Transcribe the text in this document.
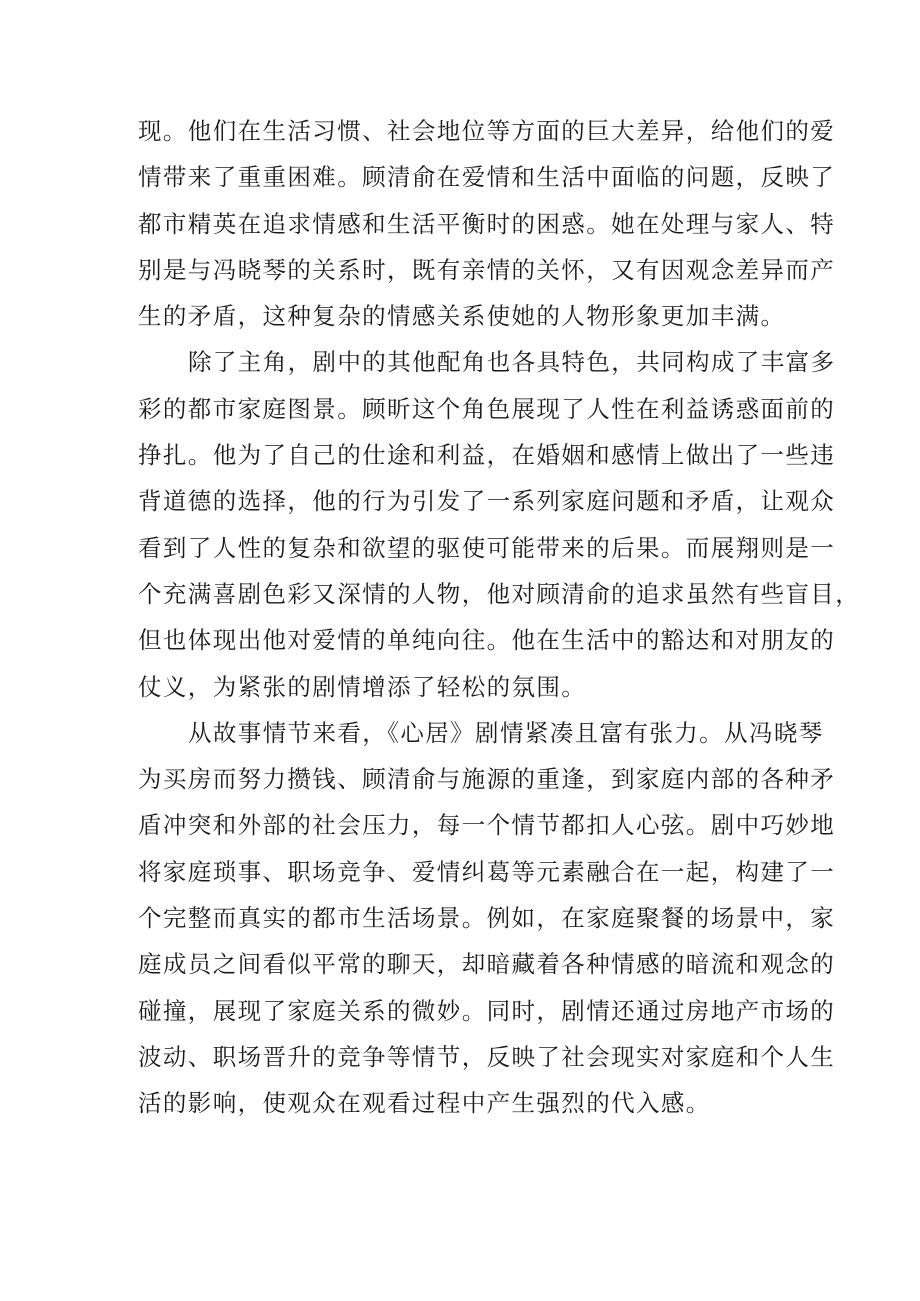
现。他们在生活习惯、社会地位等方面的巨大差异，给他们的爱
情带来了重重困难。顾清俞在爱情和生活中面临的问题，反映了
都市精英在追求情感和生活平衡时的困惑。她在处理与家人、特
别是与冯晓琴的关系时，既有亲情的关怀，又有因观念差异而产
生的矛盾，这种复杂的情感关系使她的人物形象更加丰满。
除了主角，剧中的其他配角也各具特色，共同构成了丰富多
彩的都市家庭图景。顾昕这个角色展现了人性在利益诱惑面前的
挣扎。他为了自己的仕途和利益，在婚姻和感情上做出了一些违
背道德的选择，他的行为引发了一系列家庭问题和矛盾，让观众
看到了人性的复杂和欲望的驱使可能带来的后果。而展翔则是一
个充满喜剧色彩又深情的人物，他对顾清俞的追求虽然有些盲目，
但也体现出他对爱情的单纯向往。他在生活中的豁达和对朋友的
仗义，为紧张的剧情增添了轻松的氛围。
从故事情节来看，《心居》剧情紧凑且富有张力。从冯晓琴
为买房而努力攒钱、顾清俞与施源的重逢，到家庭内部的各种矛
盾冲突和外部的社会压力，每一个情节都扣人心弦。剧中巧妙地
将家庭琐事、职场竞争、爱情纠葛等元素融合在一起，构建了一
个完整而真实的都市生活场景。例如，在家庭聚餐的场景中，家
庭成员之间看似平常的聊天，却暗藏着各种情感的暗流和观念的
碰撞，展现了家庭关系的微妙。同时，剧情还通过房地产市场的
波动、职场晋升的竞争等情节，反映了社会现实对家庭和个人生
活的影响，使观众在观看过程中产生强烈的代入感。
